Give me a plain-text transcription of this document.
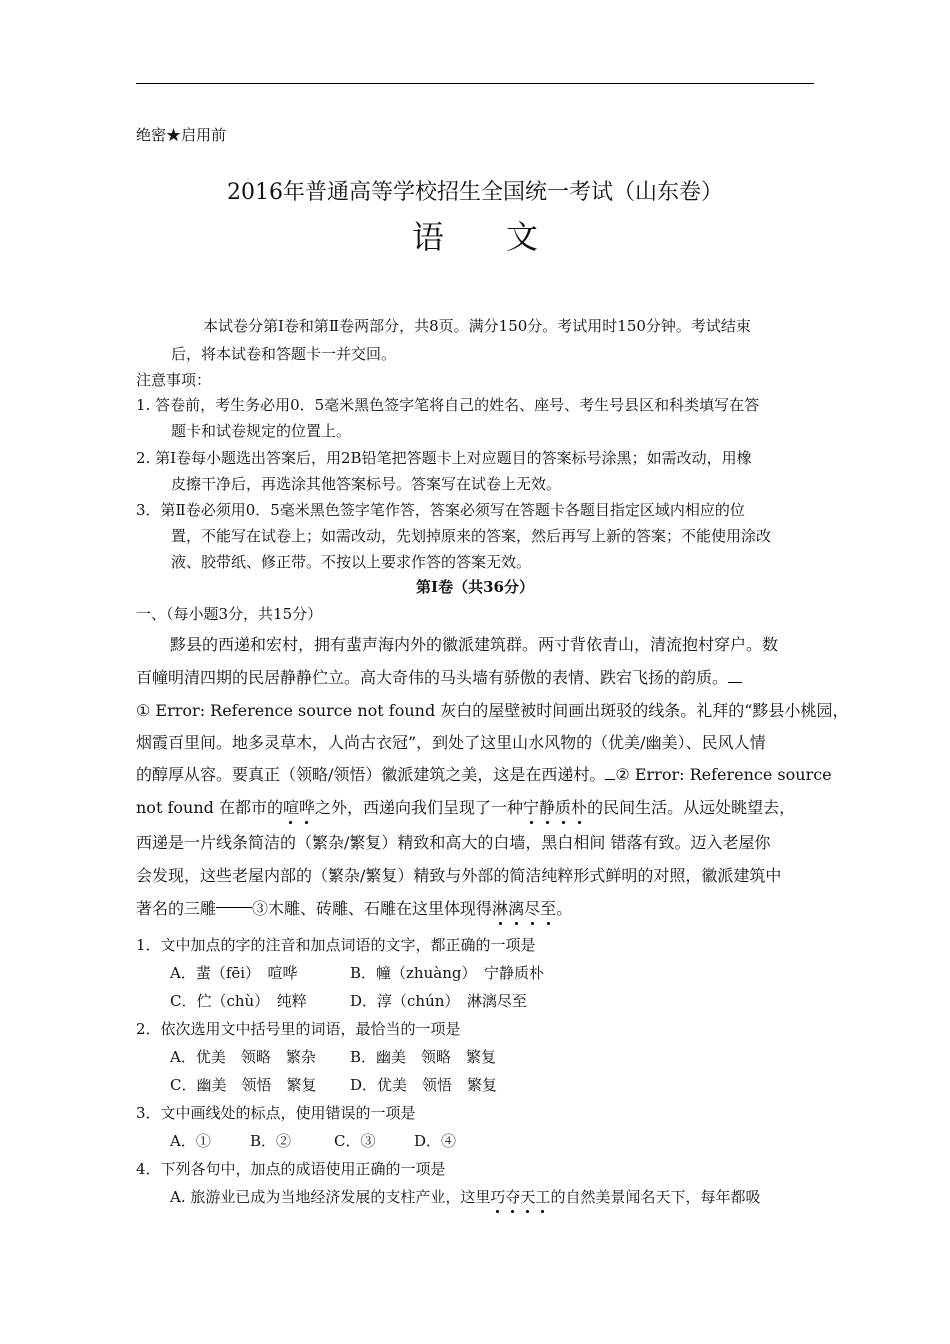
绝密★启用前
2016年普通高等学校招生全国统一考试（山东卷）
语 文
本试卷分第Ⅰ卷和第Ⅱ卷两部分，共8页。满分150分。考试用时150分钟。考试结束
后，将本试卷和答题卡一并交回。
注意事项：
1. 答卷前，考生务必用0．5毫米黑色签字笔将自己的姓名、座号、考生号县区和科类填写在答
题卡和试卷规定的位置上。
2. 第Ⅰ卷每小题选出答案后，用2B铅笔把答题卡上对应题目的答案标号涂黑；如需改动，用橡
皮擦干净后，再选涂其他答案标号。答案写在试卷上无效。
3．第Ⅱ卷必须用0．5毫米黑色签字笔作答，答案必须写在答题卡各题目指定区域内相应的位
置，不能写在试卷上；如需改动，先划掉原来的答案，然后再写上新的答案；不能使用涂改
液、胶带纸、修正带。不按以上要求作答的答案无效。
第Ⅰ卷（共36分）
一、（每小题3分，共15分）
黟县的西递和宏村，拥有蜚声海内外的徽派建筑群。两寸背依青山，清流抱村穿户。数
百幢明清四期的民居静静伫立。高大奇伟的马头墙有骄傲的表情、跌宕飞扬的韵质。
① Error: Reference source not found 灰白的屋壁被时间画出斑驳的线条。礼拜的“黟县小桃园，
烟霞百里间。地多灵草木，人尚古衣冠”，到处了这里山水风物的（优美/幽美）、民风人情
的醇厚从容。要真正（领略/领悟）徽派建筑之美，这是在西递村。 ② Error: Reference source
not found 在都市的喧哗之外，西递向我们呈现了一种宁静质朴的民间生活。从远处眺望去，
西递是一片线条简洁的（繁杂/繁复）精致和高大的白墙，黑白相间 错落有致。迈入老屋你
会发现，这些老屋内部的（繁杂/繁复）精致与外部的简洁纯粹形式鲜明的对照，徽派建筑中
著名的三雕 ③木雕、砖雕、石雕在这里体现得淋漓尽至。
1．文中加点的字的注音和加点词语的文字，都正确的一项是
A．蜚（fēi）　喧哗	B．幢（zhuàng）　宁静质朴
C．伫（chù）　纯粹	D．淳（chún）　淋漓尽至
2．依次选用文中括号里的词语，最恰当的一项是
A．优美　领略　繁杂 B．幽美　领略　繁复
C．幽美　领悟　繁复 D．优美　领悟　繁复
3．文中画线处的标点，使用错误的一项是
A．①	B．②	C．③	D．④
4．下列各句中，加点的成语使用正确的一项是
A. 旅游业已成为当地经济发展的支柱产业，这里巧夺天工的自然美景闻名天下，每年都吸
